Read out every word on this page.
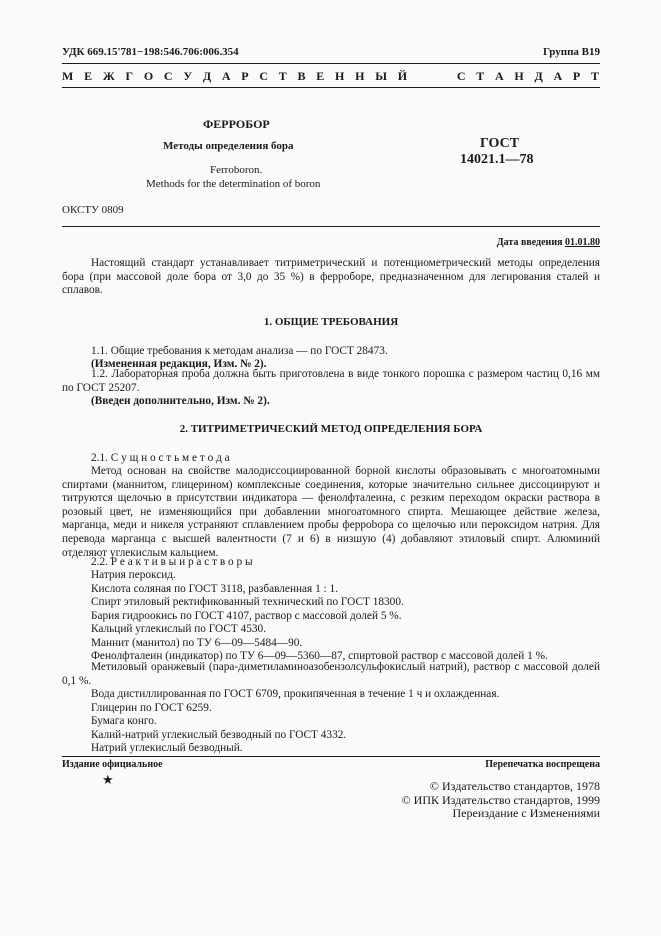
УДК 669.15'781−198:546.706:006.354	Группа В19
М Е Ж Г О С У Д А Р С Т В Е Н Н Ы Й     С Т А Н Д А Р Т
ФЕРРОБОР
Методы определения бора
Ferroboron.
Methods for the determination of boron
ГОСТ
14021.1—78
ОКСТУ 0809
Дата введения 01.01.80
Настоящий стандарт устанавливает титриметрический и потенциометрический методы определения бора (при массовой доле бора от 3,0 до 35 %) в ферроборе, предназначенном для легирования сталей и сплавов.
1. ОБЩИЕ ТРЕБОВАНИЯ
1.1. Общие требования к методам анализа — по ГОСТ 28473.
(Измененная редакция, Изм. № 2).
1.2. Лабораторная проба должна быть приготовлена в виде тонкого порошка с размером частиц 0,16 мм по ГОСТ 25207.
(Введен дополнительно, Изм. № 2).
2. ТИТРИМЕТРИЧЕСКИЙ МЕТОД ОПРЕДЕЛЕНИЯ БОРА
2.1. С у щ н о с т ь м е т о д а
Метод основан на свойстве малодиссоциированной борной кислоты образовывать с многоатомными спиртами (маннитом, глицерином) комплексные соединения, которые значительно сильнее диссоциируют и титруются щелочью в присутствии индикатора — фенолфталеина, с резким переходом окраски раствора в розовый цвет, не изменяющийся при добавлении многоатомного спирта. Мешающее действие железа, марганца, меди и никеля устраняют сплавлением пробы феррobора со щелочью или пероксидом натрия. Для перевода марганца с высшей валентности (7 и 6) в низшую (4) добавляют этиловый спирт. Алюминий отделяют углекислым кальцием.
2.2. Р е а к т и в ы и р а с т в о р ы
Натрия пероксид.
Кислота соляная по ГОСТ 3118, разбавленная 1 : 1.
Спирт этиловый ректификованный технический по ГОСТ 18300.
Бария гидроокись по ГОСТ 4107, раствор с массовой долей 5 %.
Кальций углекислый по ГОСТ 4530.
Маннит (манитол) по ТУ 6—09—5484—90.
Фенолфталеин (индикатор) по ТУ 6—09—5360—87, спиртовой раствор с массовой долей 1 %.
Метиловый оранжевый (пара-диметиламиноазобензолсульфокислый натрий), раствор с массовой долей 0,1 %.
Вода дистиллированная по ГОСТ 6709, прокипяченная в течение 1 ч и охлажденная.
Глицерин по ГОСТ 6259.
Бумага конго.
Калий-натрий углекислый безводный по ГОСТ 4332.
Натрий углекислый безводный.
Издание официальное	Перепечатка воспрещена
★	© Издательство стандартов, 1978
© ИПК Издательство стандартов, 1999
Переиздание с Изменениями
